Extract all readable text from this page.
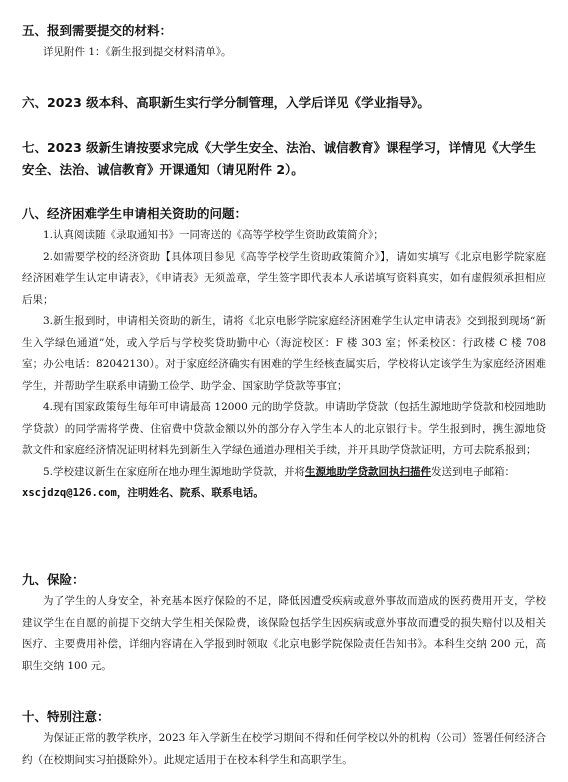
五、报到需要提交的材料：

详见附件 1：《新生报到提交材料清单》。

六、2023 级本科、高职新生实行学分制管理，入学后详见《学业指导》。

七、2023 级新生请按要求完成《大学生安全、法治、诚信教育》课程学习，详情见《大学生安全、法治、诚信教育》开课通知（请见附件 2）。

八、经济困难学生申请相关资助的问题：

1.认真阅读随《录取通知书》一同寄送的《高等学校学生资助政策简介》；

2.如需要学校的经济资助【具体项目参见《高等学校学生资助政策简介》】，请如实填写《北京电影学院家庭经济困难学生认定申请表》，《申请表》无须盖章，学生签字即代表本人承诺填写资料真实，如有虚假须承担相应后果；

3.新生报到时，申请相关资助的新生，请将《北京电影学院家庭经济困难学生认定申请表》交到报到现场“新生入学绿色通道”处，或入学后与学校奖贷助勤中心（海淀校区：F 楼 303 室；怀柔校区：行政楼 C 楼 708 室；办公电话：82042130）。对于家庭经济确实有困难的学生经核查属实后，学校将认定该学生为家庭经济困难学生，并帮助学生联系申请勤工俭学、助学金、国家助学贷款等事宜；

4.现有国家政策每生每年可申请最高 12000 元的助学贷款。申请助学贷款（包括生源地助学贷款和校园地助学贷款）的同学需将学费、住宿费中贷款金额以外的部分存入学生本人的北京银行卡。学生报到时，携生源地贷款文件和家庭经济情况证明材料先到新生入学绿色通道办理相关手续，并开具助学贷款证明，方可去院系报到；

5.学校建议新生在家庭所在地办理生源地助学贷款，并将生源地助学贷款回执扫描件发送到电子邮箱：

xscjdzq@126.com，注明姓名、院系、联系电话。

九、保险：

为了学生的人身安全，补充基本医疗保险的不足，降低因遭受疾病或意外事故而造成的医药费用开支，学校建议学生在自愿的前提下交纳大学生相关保险费，该保险包括学生因疾病或意外事故而遭受的损失赔付以及相关医疗、主要费用补偿，详细内容请在入学报到时领取《北京电影学院保险责任告知书》。本科生交纳 200 元，高职生交纳 100 元。

十、特别注意：

为保证正常的教学秩序，2023 年入学新生在校学习期间不得和任何学校以外的机构（公司）签署任何经济合约（在校期间实习拍摄除外）。此规定适用于在校本科学生和高职学生。
